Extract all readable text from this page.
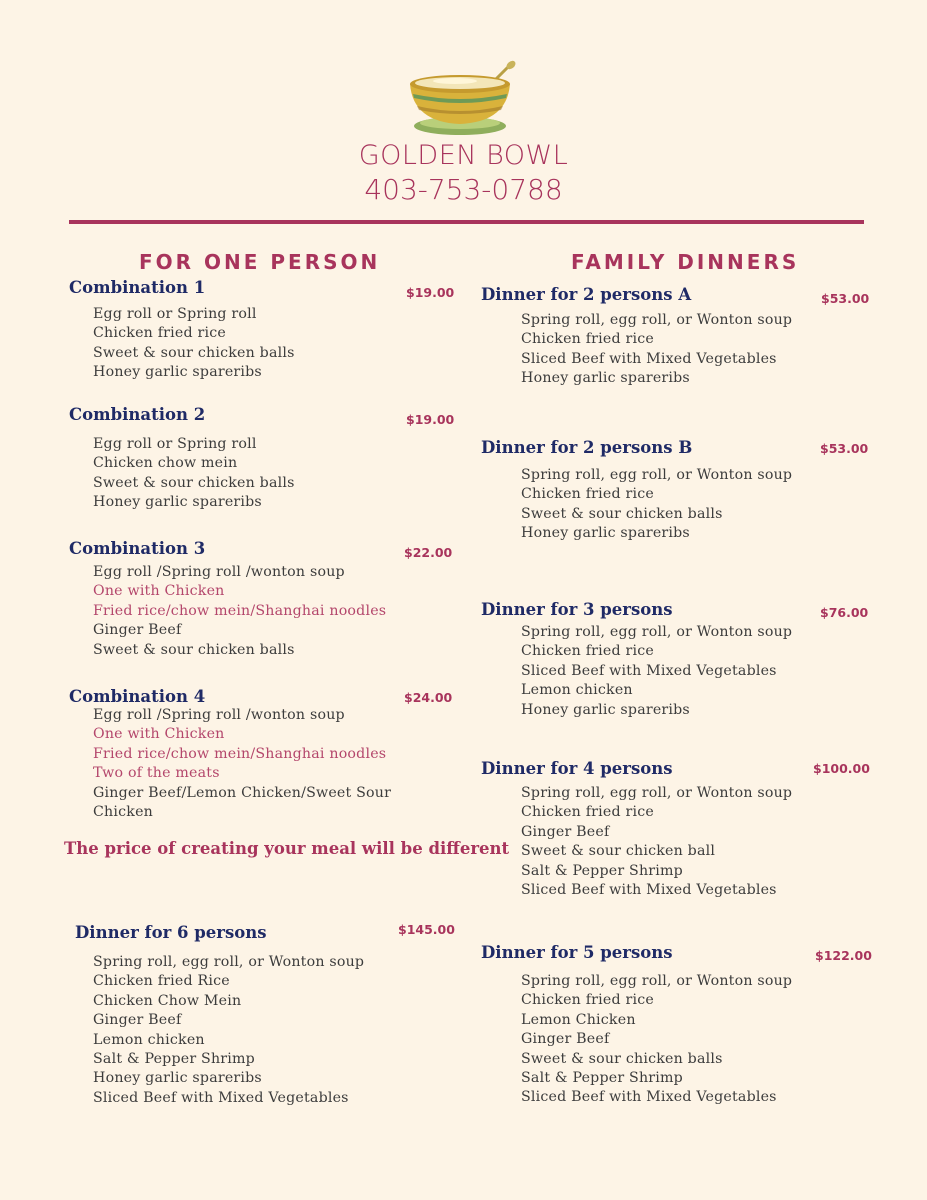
GOLDEN BOWL
403-753-0788
FOR ONE PERSON
Combination 1	$19.00
Egg roll or Spring roll
Chicken fried rice
Sweet & sour chicken balls
Honey garlic spareribs
Combination 2	$19.00
Egg roll or Spring roll
Chicken chow mein
Sweet & sour chicken balls
Honey garlic spareribs
Combination 3	$22.00
Egg roll /Spring roll /wonton soup
One with Chicken
Fried rice/chow mein/Shanghai noodles
Ginger Beef
Sweet & sour chicken balls
Combination 4	$24.00
Egg roll /Spring roll /wonton soup
One with Chicken
Fried rice/chow mein/Shanghai noodles
Two of the meats
Ginger Beef/Lemon Chicken/Sweet Sour
Chicken
The price of creating your meal will be different
Dinner for 6 persons	$145.00
Spring roll, egg roll, or Wonton soup
Chicken fried Rice
Chicken Chow Mein
Ginger Beef
Lemon chicken
Salt & Pepper Shrimp
Honey garlic spareribs
Sliced Beef with Mixed Vegetables
FAMILY DINNERS
Dinner for 2 persons A	$53.00
Spring roll, egg roll, or Wonton soup
Chicken fried rice
Sliced Beef with Mixed Vegetables
Honey garlic spareribs
Dinner for 2 persons B	$53.00
Spring roll, egg roll, or Wonton soup
Chicken fried rice
Sweet & sour chicken balls
Honey garlic spareribs
Dinner for 3 persons	$76.00
Spring roll, egg roll, or Wonton soup
Chicken fried rice
Sliced Beef with Mixed Vegetables
Lemon chicken
Honey garlic spareribs
Dinner for 4 persons	$100.00
Spring roll, egg roll, or Wonton soup
Chicken fried rice
Ginger Beef
Sweet & sour chicken ball
Salt & Pepper Shrimp
Sliced Beef with Mixed Vegetables
Dinner for 5 persons	$122.00
Spring roll, egg roll, or Wonton soup
Chicken fried rice
Lemon Chicken
Ginger Beef
Sweet & sour chicken balls
Salt & Pepper Shrimp
Sliced Beef with Mixed Vegetables
